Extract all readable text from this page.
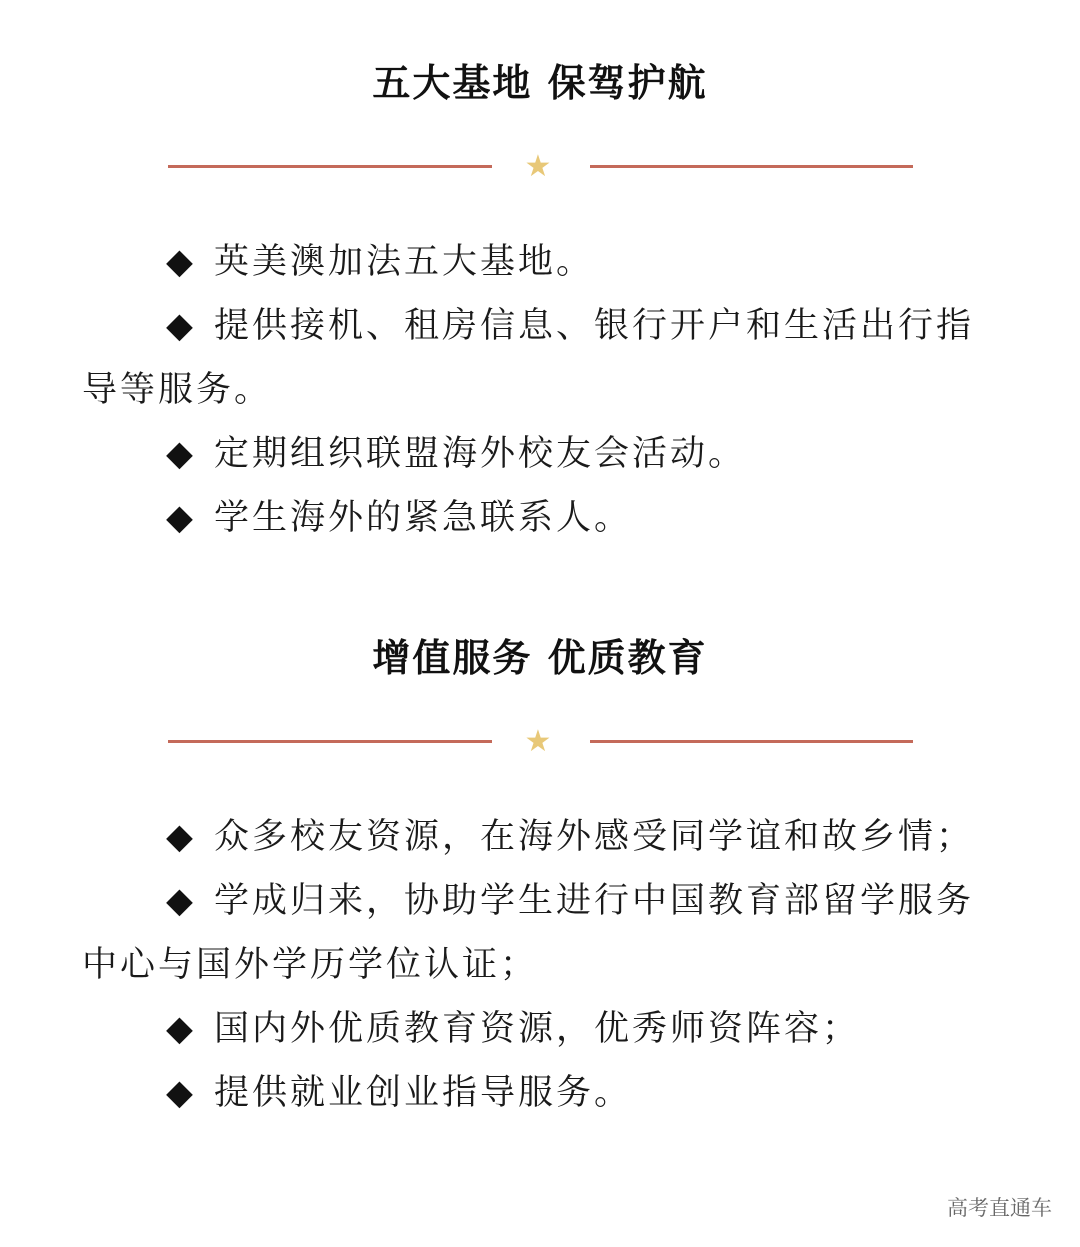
五大基地 保驾护航
★

◆ 英美澳加法五大基地。

◆ 提供接机、租房信息、银行开户和生活出行指导等服务。

◆ 定期组织联盟海外校友会活动。

◆ 学生海外的紧急联系人。

增值服务 优质教育
★

◆ 众多校友资源，在海外感受同学谊和故乡情；

◆ 学成归来，协助学生进行中国教育部留学服务中心与国外学历学位认证；

◆ 国内外优质教育资源，优秀师资阵容；

◆ 提供就业创业指导服务。

高考直通车
